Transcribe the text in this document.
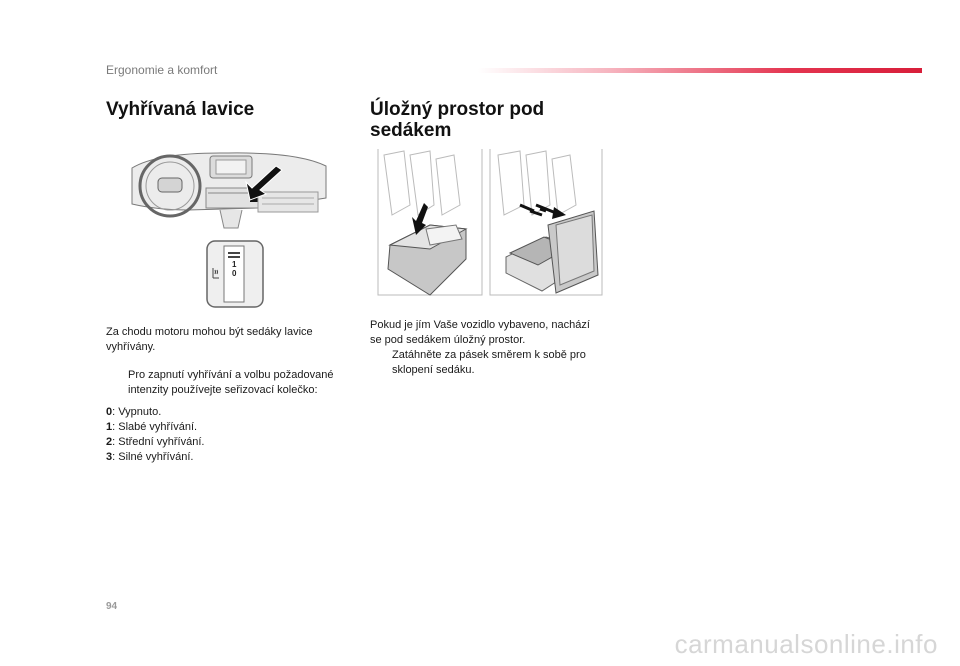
Ergonomie a komfort
Vyhřívaná lavice	Úložný prostor pod sedákem
1
0
Za chodu motoru mohou být sedáky lavice vyhřívány.
Pro zapnutí vyhřívání a volbu požadované intenzity používejte seřizovací kolečko:
0: Vypnuto.
1: Slabé vyhřívání.
2: Střední vyhřívání.
3: Silné vyhřívání.
Pokud je jím Vaše vozidlo vybaveno, nachází se pod sedákem úložný prostor.
Zatáhněte za pásek směrem k sobě pro sklopení sedáku.
94
carmanualsonline.info
